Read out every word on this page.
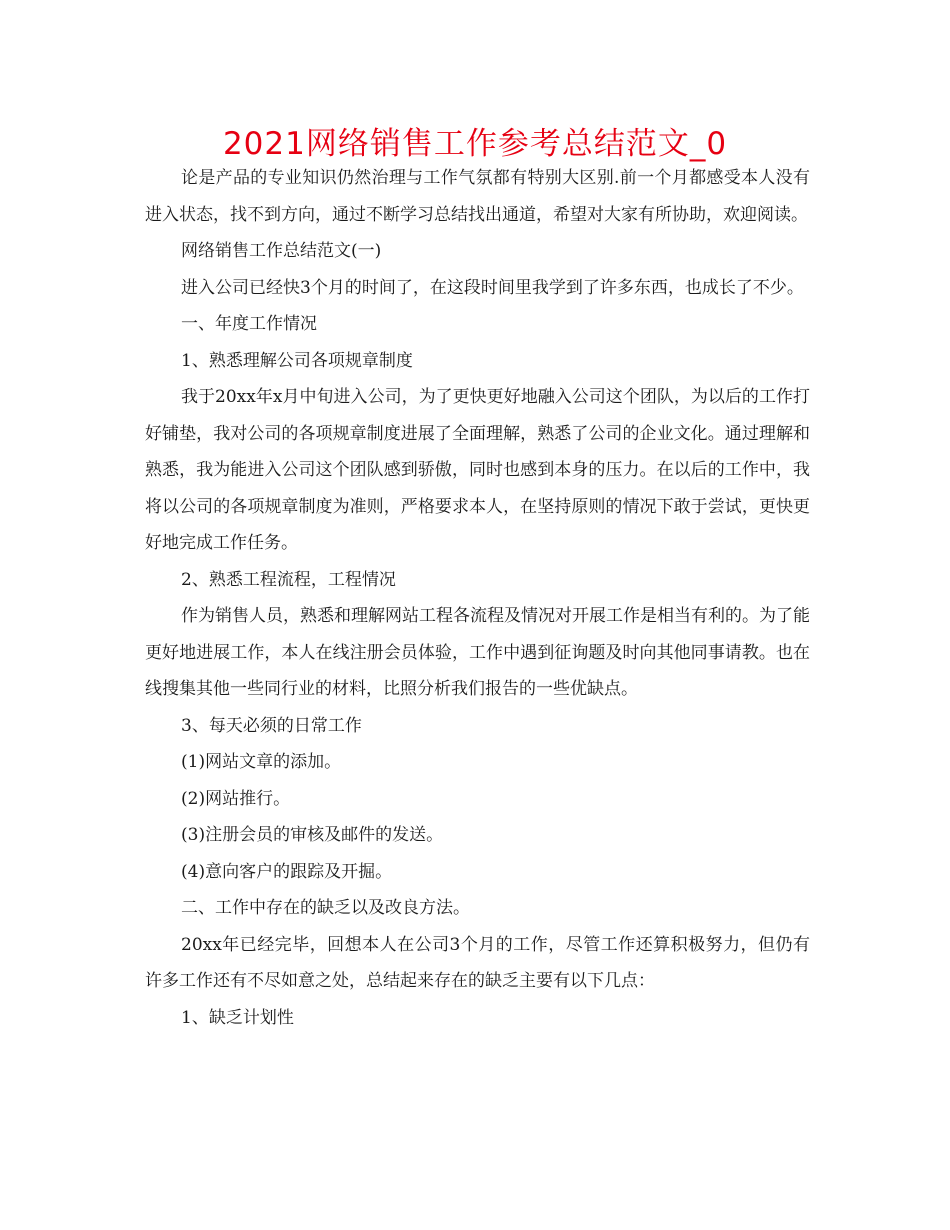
2021网络销售工作参考总结范文_0

论是产品的专业知识仍然治理与工作气氛都有特别大区别.前一个月都感受本人没有进入状态，找不到方向，通过不断学习总结找出通道，希望对大家有所协助，欢迎阅读。

网络销售工作总结范文(一)

进入公司已经快3个月的时间了，在这段时间里我学到了许多东西，也成长了不少。

一、年度工作情况

1、熟悉理解公司各项规章制度

我于20xx年x月中旬进入公司，为了更快更好地融入公司这个团队，为以后的工作打好铺垫，我对公司的各项规章制度进展了全面理解，熟悉了公司的企业文化。通过理解和熟悉，我为能进入公司这个团队感到骄傲，同时也感到本身的压力。在以后的工作中，我将以公司的各项规章制度为准则，严格要求本人，在坚持原则的情况下敢于尝试，更快更好地完成工作任务。

2、熟悉工程流程，工程情况

作为销售人员，熟悉和理解网站工程各流程及情况对开展工作是相当有利的。为了能更好地进展工作，本人在线注册会员体验，工作中遇到征询题及时向其他同事请教。也在线搜集其他一些同行业的材料，比照分析我们报告的一些优缺点。

3、每天必须的日常工作

(1)网站文章的添加。

(2)网站推行。

(3)注册会员的审核及邮件的发送。

(4)意向客户的跟踪及开掘。

二、工作中存在的缺乏以及改良方法。

20xx年已经完毕，回想本人在公司3个月的工作，尽管工作还算积极努力，但仍有许多工作还有不尽如意之处，总结起来存在的缺乏主要有以下几点：

1、缺乏计划性
